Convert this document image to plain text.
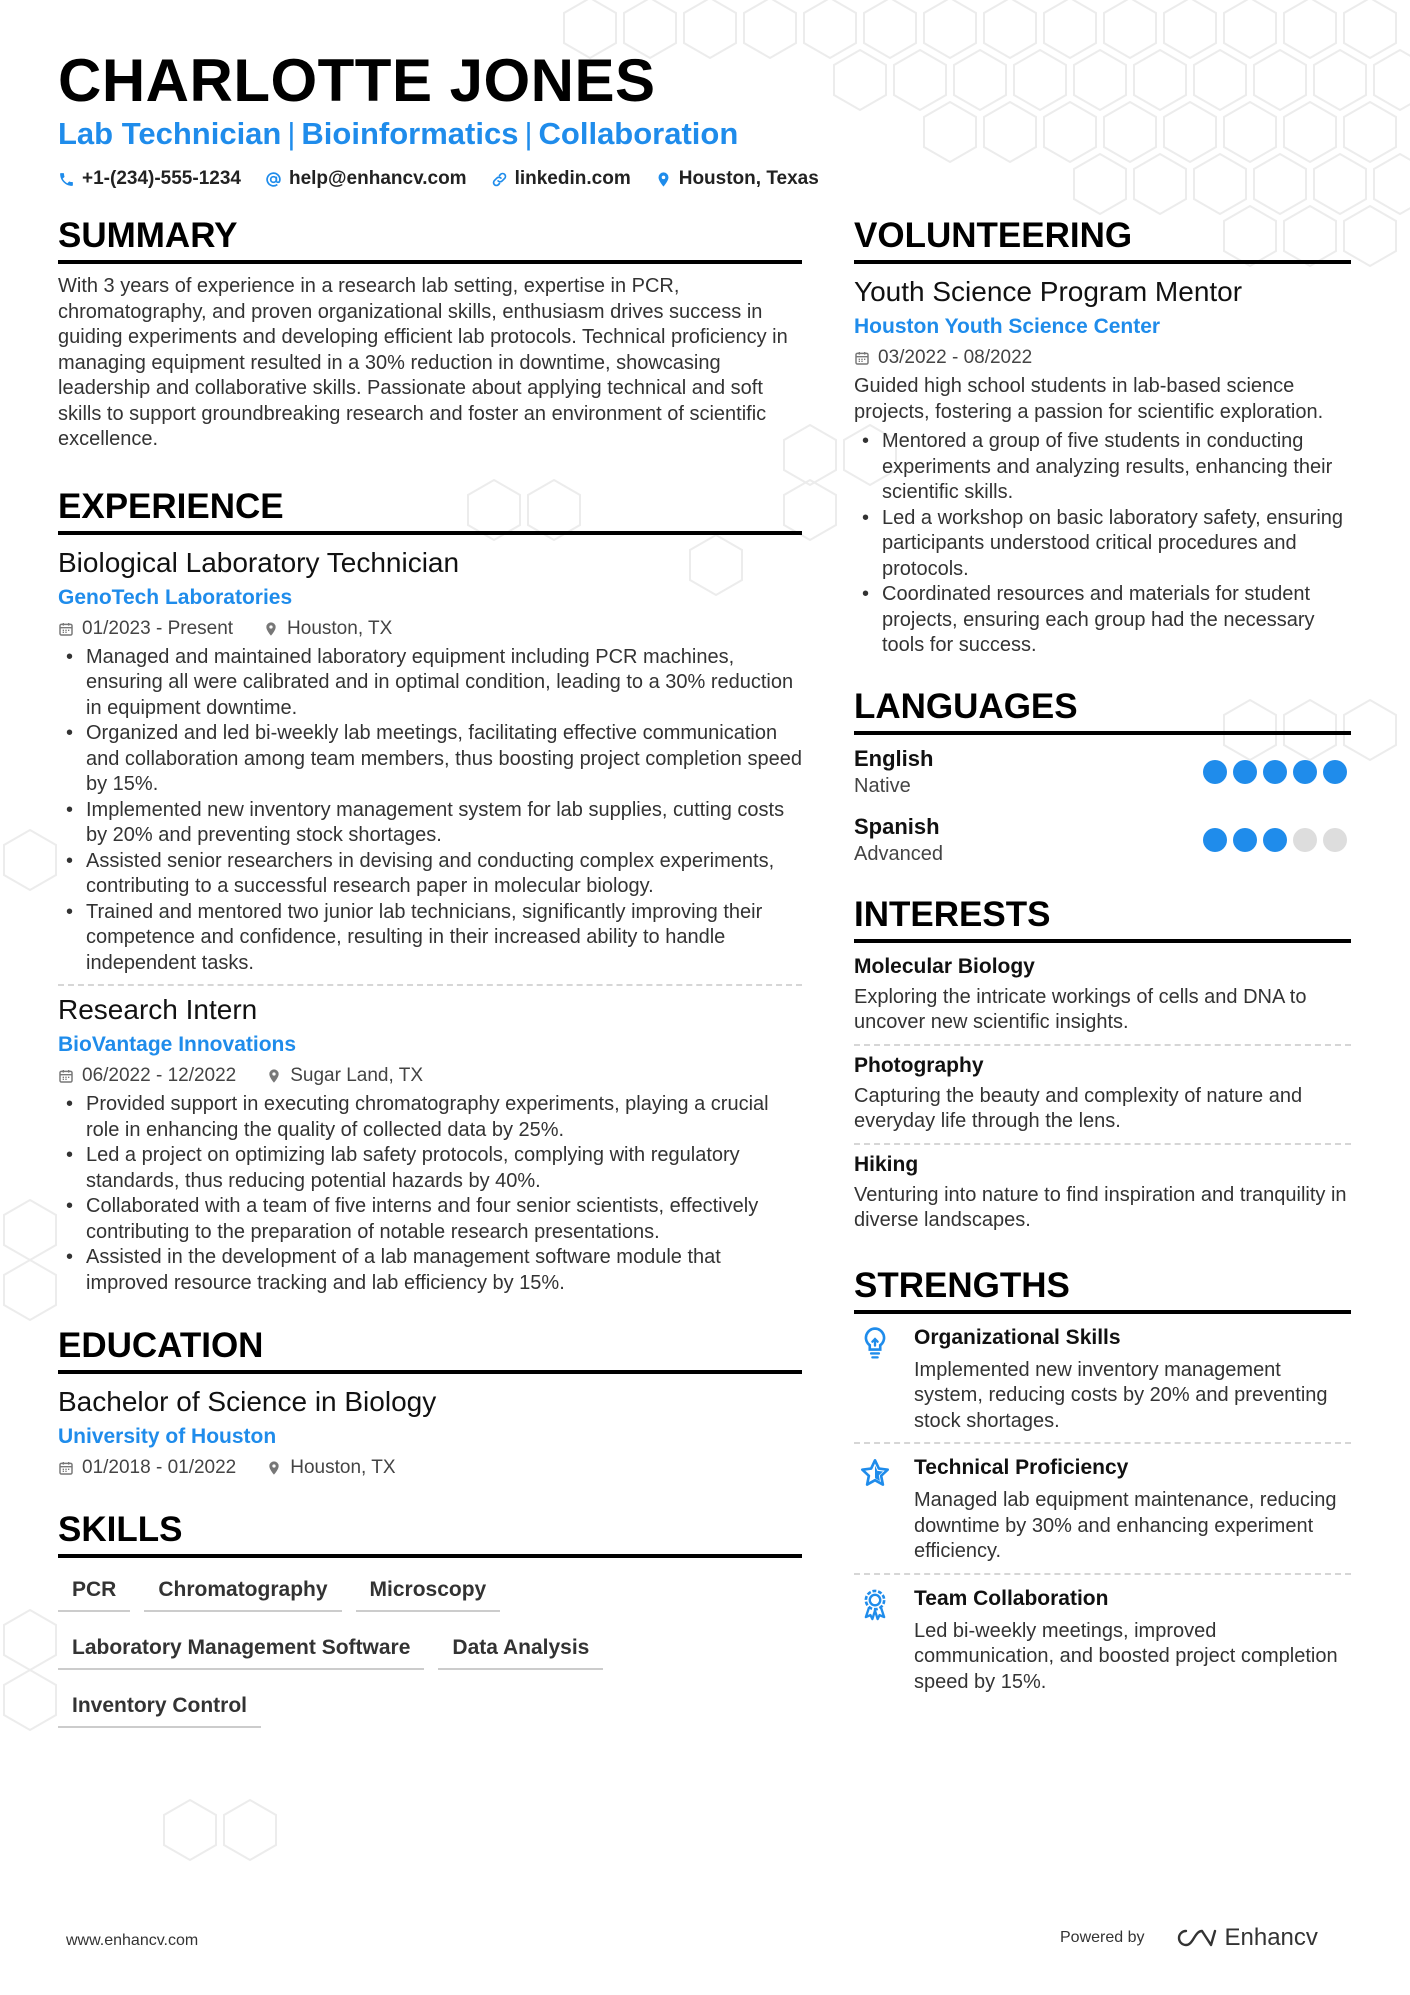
CHARLOTTE JONES
Lab Technician | Bioinformatics | Collaboration
+1-(234)-555-1234	help@enhancv.com	linkedin.com	Houston, Texas
SUMMARY

With 3 years of experience in a research lab setting, expertise in PCR, chromatography, and proven organizational skills, enthusiasm drives success in guiding experiments and developing efficient lab protocols. Technical proficiency in managing equipment resulted in a 30% reduction in downtime, showcasing leadership and collaborative skills. Passionate about applying technical and soft skills to support groundbreaking research and foster an environment of scientific excellence.

EXPERIENCE
Biological Laboratory Technician
GenoTech Laboratories
01/2023 - Present	Houston, TX
• Managed and maintained laboratory equipment including PCR machines, ensuring all were calibrated and in optimal condition, leading to a 30% reduction in equipment downtime.
• Organized and led bi-weekly lab meetings, facilitating effective communication and collaboration among team members, thus boosting project completion speed by 15%.
• Implemented new inventory management system for lab supplies, cutting costs by 20% and preventing stock shortages.
• Assisted senior researchers in devising and conducting complex experiments, contributing to a successful research paper in molecular biology.
• Trained and mentored two junior lab technicians, significantly improving their competence and confidence, resulting in their increased ability to handle independent tasks.
Research Intern
BioVantage Innovations
06/2022 - 12/2022	Sugar Land, TX
• Provided support in executing chromatography experiments, playing a crucial role in enhancing the quality of collected data by 25%.
• Led a project on optimizing lab safety protocols, complying with regulatory standards, thus reducing potential hazards by 40%.
• Collaborated with a team of five interns and four senior scientists, effectively contributing to the preparation of notable research presentations.
• Assisted in the development of a lab management software module that improved resource tracking and lab efficiency by 15%.
EDUCATION
Bachelor of Science in Biology
University of Houston
01/2018 - 01/2022	Houston, TX
SKILLS
PCR	Chromatography	Microscopy
Laboratory Management Software	Data Analysis
Inventory Control
VOLUNTEERING
Youth Science Program Mentor
Houston Youth Science Center
03/2022 - 08/2022

Guided high school students in lab-based science projects, fostering a passion for scientific exploration.

• Mentored a group of five students in conducting experiments and analyzing results, enhancing their scientific skills.
• Led a workshop on basic laboratory safety, ensuring participants understood critical procedures and protocols.
• Coordinated resources and materials for student projects, ensuring each group had the necessary tools for success.
LANGUAGES
English
Native
Spanish
Advanced
INTERESTS
Molecular Biology
Exploring the intricate workings of cells and DNA to uncover new scientific insights.
Photography
Capturing the beauty and complexity of nature and everyday life through the lens.
Hiking
Venturing into nature to find inspiration and tranquility in diverse landscapes.
STRENGTHS
Organizational Skills
Implemented new inventory management system, reducing costs by 20% and preventing stock shortages.
Technical Proficiency
Managed lab equipment maintenance, reducing downtime by 30% and enhancing experiment efficiency.
Team Collaboration
Led bi-weekly meetings, improved communication, and boosted project completion speed by 15%.
www.enhancv.com	Powered by	Enhancv
